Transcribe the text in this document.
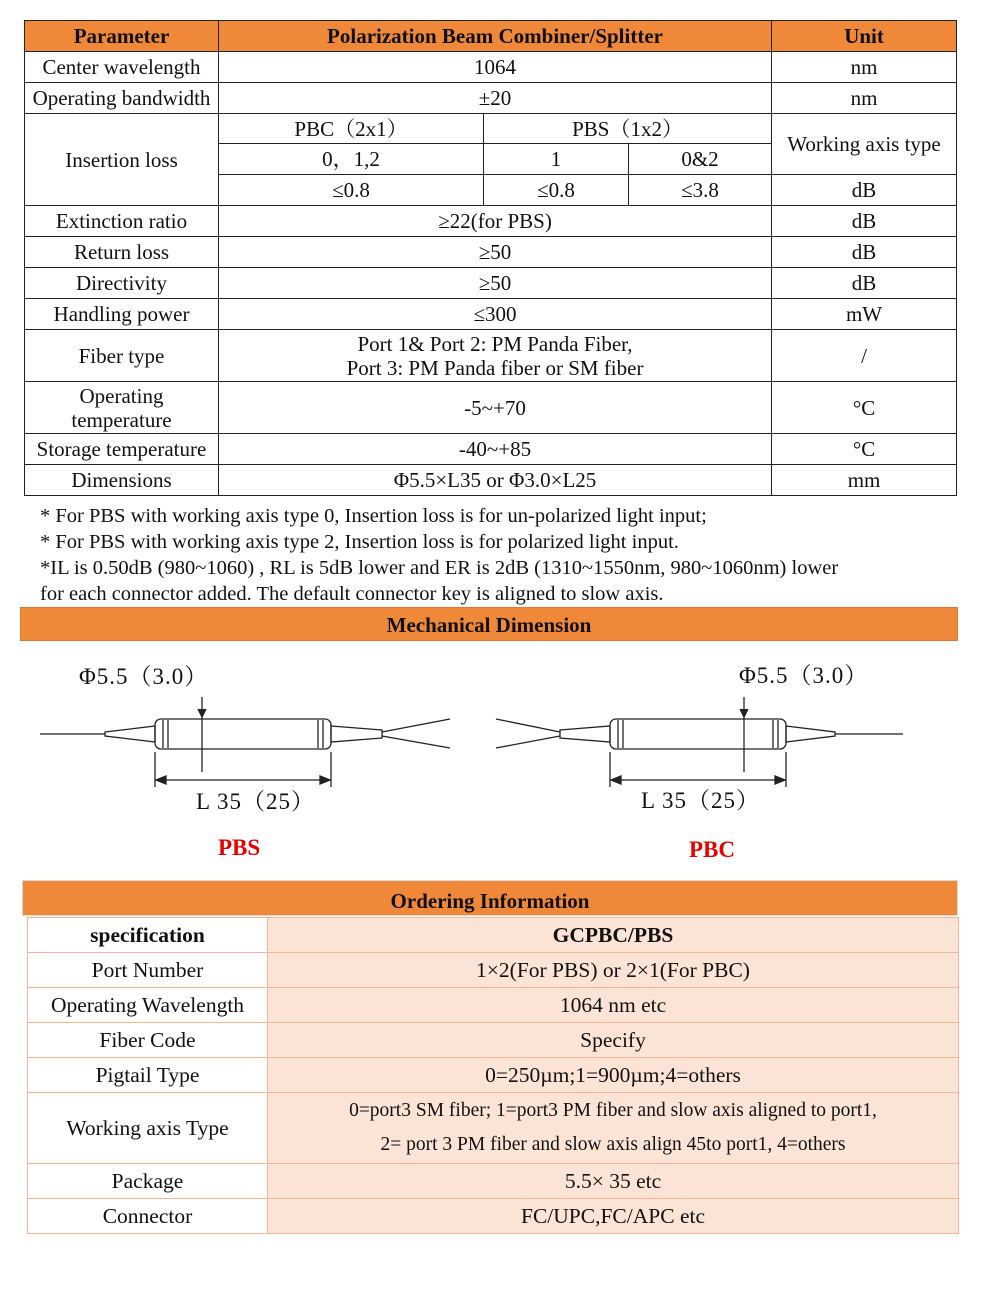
Parameter	Polarization Beam Combiner/Splitter			Unit
Center wavelength	1064			nm
Operating bandwidth	±20			nm
Insertion loss	PBC（2x1）	PBS（1x2）		Working axis type
	0，1,2	1	0&2	
	≤0.8	≤0.8	≤3.8	dB
Extinction ratio	≥22(for PBS)			dB
Return loss	≥50			dB
Directivity	≥50			dB
Handling power	≤300			mW
Fiber type	Port 1& Port 2: PM Panda Fiber,
Port 3: PM Panda fiber or SM fiber			/

Operating
temperature	-5~+70			°C
Storage temperature	-40~+85			°C
Dimensions	Φ5.5×L35 or Φ3.0×L25			mm
* For PBS with working axis type 0, Insertion loss is for un-polarized light input;
* For PBS with working axis type 2, Insertion loss is for polarized light input.
*IL is 0.50dB (980~1060) , RL is 5dB lower and ER is 2dB (1310~1550nm, 980~1060nm) lower
for each connector added. The default connector key is aligned to slow axis.
Mechanical Dimension
Φ5.5（3.0）
L 35（25）
PBS
Φ5.5（3.0）
L 35（25）
PBC
Ordering Information
specification	GCPBC/PBS
Port Number	1×2(For PBS) or 2×1(For PBC)
Operating Wavelength	1064 nm etc
Fiber Code	Specify
Pigtail Type	0=250µm;1=900µm;4=others
Working axis Type	0=port3 SM fiber; 1=port3 PM fiber and slow axis aligned to port1,
2= port 3 PM fiber and slow axis align 45to port1, 4=others

Package	5.5× 35 etc
Connector	FC/UPC,FC/APC etc
